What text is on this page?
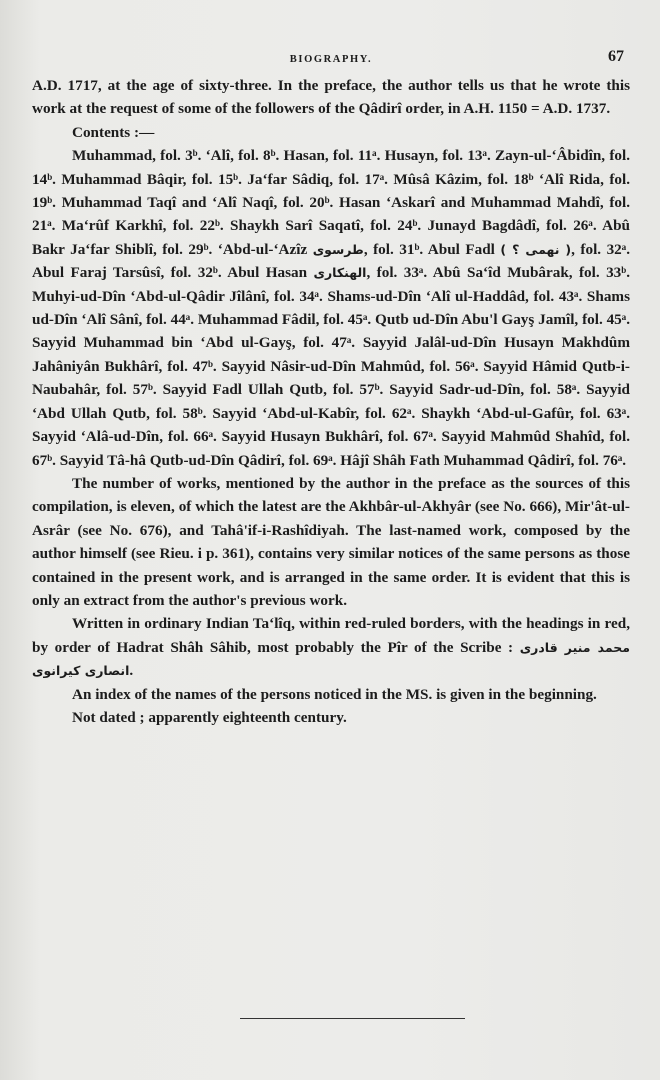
BIOGRAPHY.	67

A.D. 1717, at the age of sixty-three. In the preface, the author tells us that he wrote this work at the request of some of the followers of the Qâdirî order, in A.H. 1150 = A.D. 1737.

Contents :—

Muhammad, fol. 3ᵇ. ‘Alî, fol. 8ᵇ. Hasan, fol. 11ᵃ. Husayn, fol. 13ᵃ. Zayn-ul-‘Âbidîn, fol. 14ᵇ. Muhammad Bâqir, fol. 15ᵇ. Ja‘far Sâdiq, fol. 17ᵃ. Mûsâ Kâzim, fol. 18ᵇ ‘Alî Rida, fol. 19ᵇ. Muhammad Taqî and ‘Alî Naqî, fol. 20ᵇ. Hasan ‘Askarî and Muhammad Mahdî, fol. 21ᵃ. Ma‘rûf Karkhî, fol. 22ᵇ. Shaykh Sarî Saqatî, fol. 24ᵇ. Junayd Bagdâdî, fol. 26ᵃ. Abû Bakr Ja‘far Shiblî, fol. 29ᵇ. ‘Abd-ul-‘Azîz طرسوی, fol. 31ᵇ. Abul Fadl ( نهمی ؟ ), fol. 32ᵃ. Abul Faraj Tarsûsî, fol. 32ᵇ. Abul Hasan الهنکاری, fol. 33ᵃ. Abû Sa‘îd Mubârak, fol. 33ᵇ. Muhyi-ud-Dîn ‘Abd-ul-Qâdir Jîlânî, fol. 34ᵃ. Shams-ud-Dîn ‘Alî ul-Haddâd, fol. 43ᵃ. Shams ud-Dîn ‘Alî Sânî, fol. 44ᵃ. Muhammad Fâdil, fol. 45ᵃ. Qutb ud-Dîn Abu'l Gayş Jamîl, fol. 45ᵃ. Sayyid Muhammad bin ‘Abd ul-Gayş, fol. 47ᵃ. Sayyid Jalâl-ud-Dîn Husayn Makhdûm Jahâniyân Bukhârî, fol. 47ᵇ. Sayyid Nâsir-ud-Dîn Mahmûd, fol. 56ᵃ. Sayyid Hâmid Qutb-i-Naubahâr, fol. 57ᵇ. Sayyid Fadl Ullah Qutb, fol. 57ᵇ. Sayyid Sadr-ud-Dîn, fol. 58ᵃ. Sayyid ‘Abd Ullah Qutb, fol. 58ᵇ. Sayyid ‘Abd-ul-Kabîr, fol. 62ᵃ. Shaykh ‘Abd-ul-Gafûr, fol. 63ᵃ. Sayyid ‘Alâ-ud-Dîn, fol. 66ᵃ. Sayyid Husayn Bukhârî, fol. 67ᵃ. Sayyid Mahmûd Shahîd, fol. 67ᵇ. Sayyid Tâ-hâ Qutb-ud-Dîn Qâdirî, fol. 69ᵃ. Hâjî Shâh Fath Muhammad Qâdirî, fol. 76ᵃ.

The number of works, mentioned by the author in the preface as the sources of this compilation, is eleven, of which the latest are the Akhbâr-ul-Akhyâr (see No. 666), Mir'ât-ul-Asrâr (see No. 676), and Tahâ'if-i-Rashîdiyah. The last-named work, composed by the author himself (see Rieu. i p. 361), contains very similar notices of the same persons as those contained in the present work, and is arranged in the same order. It is evident that this is only an extract from the author's previous work.

Written in ordinary Indian Ta‘lîq, within red-ruled borders, with the headings in red, by order of Hadrat Shâh Sâhib, most probably the Pîr of the Scribe : محمد منیر قادری انصاری کیرانوی.

An index of the names of the persons noticed in the MS. is given in the beginning.

Not dated ; apparently eighteenth century.
